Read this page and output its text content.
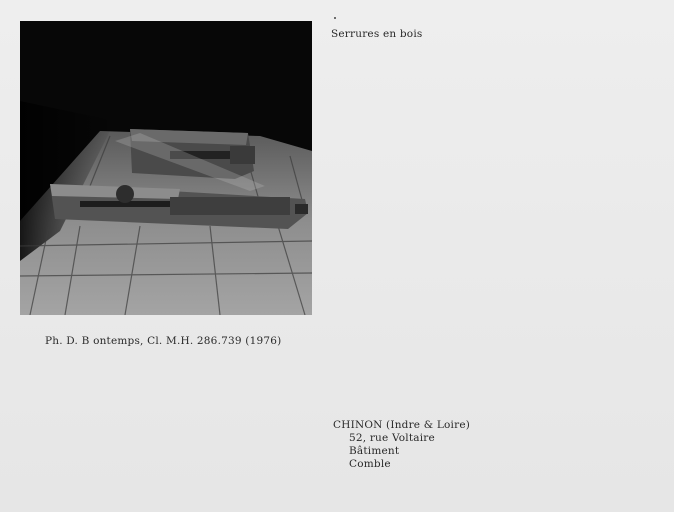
Serrures en bois
Ph. D. B ontemps, Cl. M.H. 286.739 (1976)
CHINON (Indre & Loire)
52, rue Voltaire
Bâtiment
Comble
